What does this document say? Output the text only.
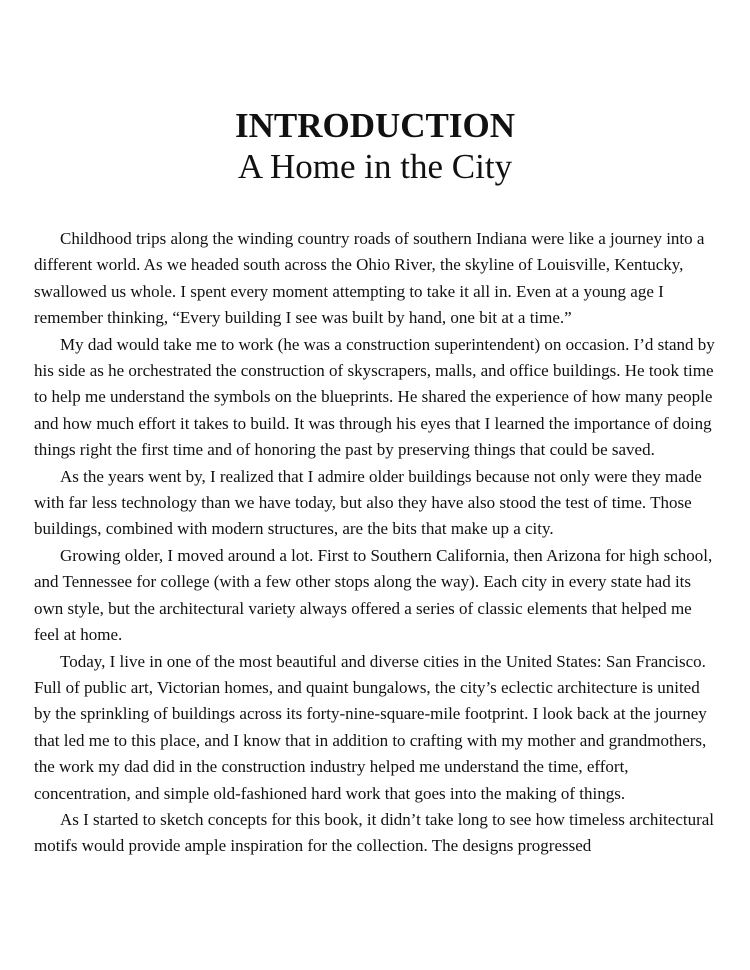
INTRODUCTION
A Home in the City

Childhood trips along the winding country roads of southern Indiana were like a journey into a different world. As we headed south across the Ohio River, the skyline of Louisville, Kentucky, swallowed us whole. I spent every moment attempting to take it all in. Even at a young age I remember thinking, “Every building I see was built by hand, one bit at a time.”

My dad would take me to work (he was a construction superintendent) on occasion. I’d stand by his side as he orchestrated the construction of skyscrapers, malls, and office buildings. He took time to help me understand the symbols on the blueprints. He shared the experience of how many people and how much effort it takes to build. It was through his eyes that I learned the importance of doing things right the first time and of honoring the past by preserving things that could be saved.

As the years went by, I realized that I admire older buildings because not only were they made with far less technology than we have today, but also they have also stood the test of time. Those buildings, combined with modern structures, are the bits that make up a city.

Growing older, I moved around a lot. First to Southern California, then Arizona for high school, and Tennessee for college (with a few other stops along the way). Each city in every state had its own style, but the architectural variety always offered a series of classic elements that helped me feel at home.

Today, I live in one of the most beautiful and diverse cities in the United States: San Francisco. Full of public art, Victorian homes, and quaint bungalows, the city’s eclectic architecture is united by the sprinkling of buildings across its forty-nine-square-mile footprint. I look back at the journey that led me to this place, and I know that in addition to crafting with my mother and grandmothers, the work my dad did in the construction industry helped me understand the time, effort, concentration, and simple old-fashioned hard work that goes into the making of things.

As I started to sketch concepts for this book, it didn’t take long to see how timeless architectural motifs would provide ample inspiration for the collection. The designs progressed
